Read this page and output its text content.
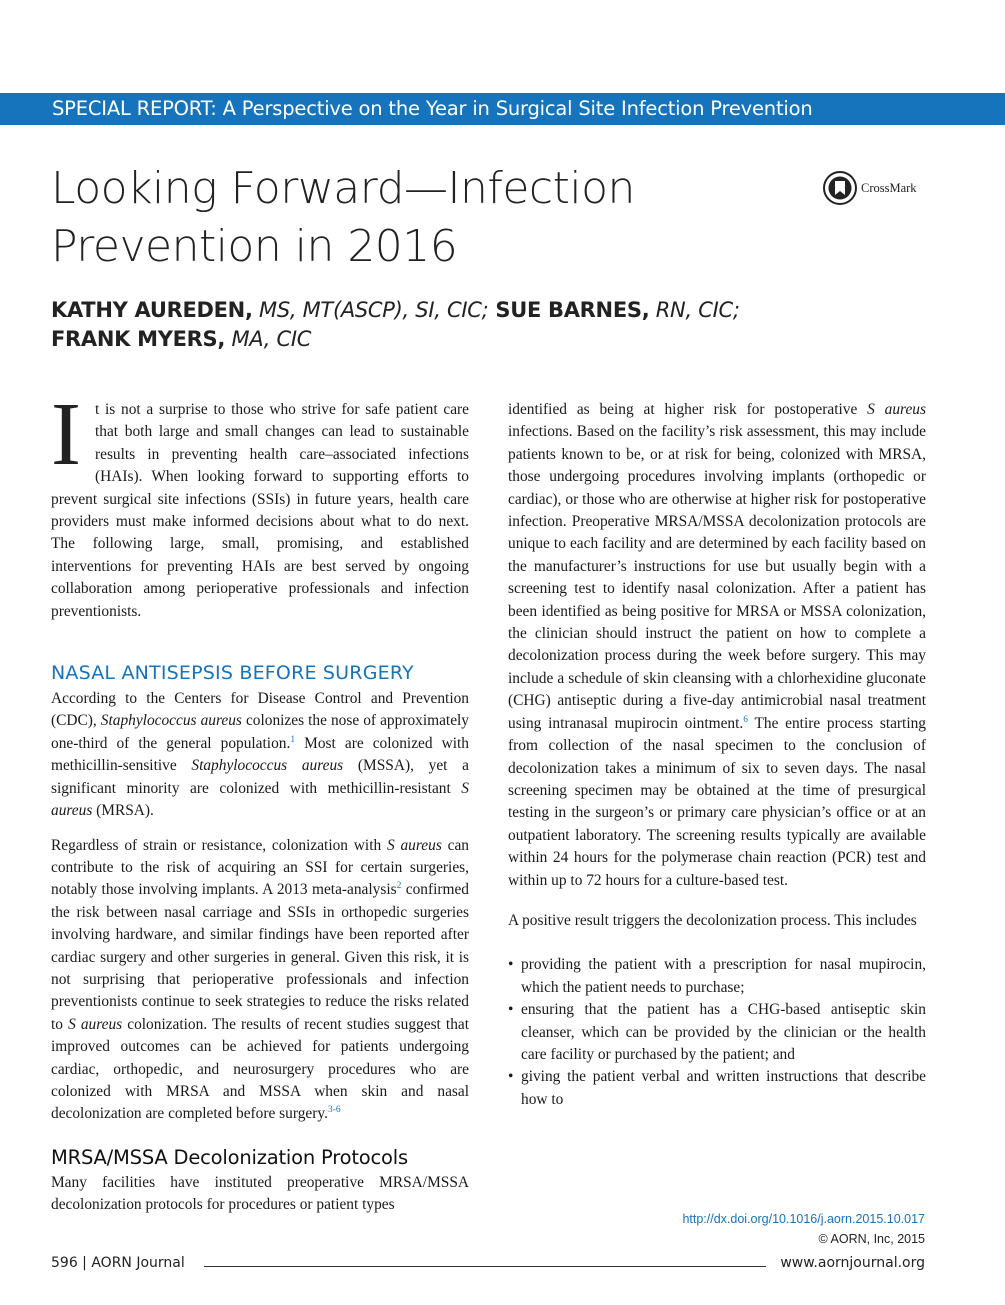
SPECIAL REPORT: A Perspective on the Year in Surgical Site Infection Prevention
Looking Forward—Infection
Prevention in 2016
CrossMark
KATHY AUREDEN, MS, MT(ASCP), SI, CIC; SUE BARNES, RN, CIC;
FRANK MYERS, MA, CIC

It is not a surprise to those who strive for safe patient care that both large and small changes can lead to sustainable results in preventing health care–associated infections (HAIs). When looking forward to supporting efforts to prevent surgical site infections (SSIs) in future years, health care providers must make informed decisions about what to do next. The following large, small, promising, and established interventions for preventing HAIs are best served by ongoing collaboration among perioperative professionals and infection preventionists.

NASAL ANTISEPSIS BEFORE SURGERY

According to the Centers for Disease Control and Prevention (CDC), Staphylococcus aureus colonizes the nose of approximately one-third of the general population.$^1$ Most are colonized with methicillin-sensitive Staphylococcus aureus (MSSA), yet a significant minority are colonized with methicillin-resistant S aureus (MRSA).

Regardless of strain or resistance, colonization with S aureus can contribute to the risk of acquiring an SSI for certain surgeries, notably those involving implants. A 2013 meta-analysis$^2$ confirmed the risk between nasal carriage and SSIs in orthopedic surgeries involving hardware, and similar findings have been reported after cardiac surgery and other surgeries in general. Given this risk, it is not surprising that perioperative professionals and infection preventionists continue to seek strategies to reduce the risks related to S aureus colonization. The results of recent studies suggest that improved outcomes can be achieved for patients undergoing cardiac, orthopedic, and neurosurgery procedures who are colonized with MRSA and MSSA when skin and nasal decolonization are completed before surgery.$^{3-6}$

MRSA/MSSA Decolonization Protocols

Many facilities have instituted preoperative MRSA/MSSA decolonization protocols for procedures or patient types

identified as being at higher risk for postoperative S aureus infections. Based on the facility’s risk assessment, this may include patients known to be, or at risk for being, colonized with MRSA, those undergoing procedures involving implants (orthopedic or cardiac), or those who are otherwise at higher risk for postoperative infection. Preoperative MRSA/​MSSA decolonization protocols are unique to each facility and are determined by each facility based on the manufacturer’s instructions for use but usually begin with a screening test to identify nasal colonization. After a patient has been identified as being positive for MRSA or MSSA colonization, the clinician should instruct the patient on how to complete a decolonization process during the week before surgery. This may include a schedule of skin cleansing with a chlorhexidine gluconate (CHG) antiseptic during a five-day antimicrobial nasal treatment using intranasal mupirocin ointment.$^6$ The entire process starting from collection of the nasal specimen to the conclusion of decolonization takes a minimum of six to seven days. The nasal screening specimen may be obtained at the time of presurgical testing in the surgeon’s or primary care physician’s office or at an outpatient laboratory. The screening results typically are available within 24 hours for the polymerase chain reaction (PCR) test and within up to 72 hours for a culture-based test.

A positive result triggers the decolonization process. This includes

• providing the patient with a prescription for nasal mupirocin, which the patient needs to purchase;
• ensuring that the patient has a CHG-based antiseptic skin cleanser, which can be provided by the clinician or the health care facility or purchased by the patient; and
• giving the patient verbal and written instructions that describe how to
http://dx.doi.org/10.1016/j.aorn.2015.10.017
© AORN, Inc, 2015
596 | AORN Journal	www.aornjournal.org
